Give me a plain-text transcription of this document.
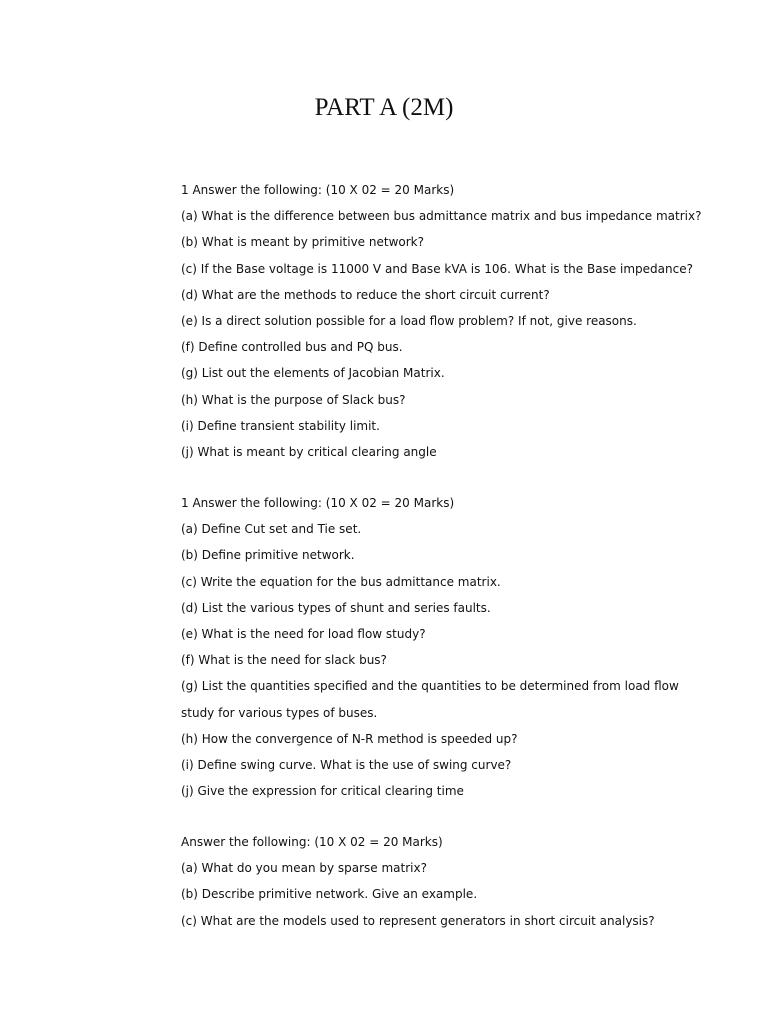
PART A (2M)
1 Answer the following: (10 X 02 = 20 Marks)
(a) What is the difference between bus admittance matrix and bus impedance matrix?
(b) What is meant by primitive network?
(c) If the Base voltage is 11000 V and Base kVA is 106. What is the Base impedance?
(d) What are the methods to reduce the short circuit current?
(e) Is a direct solution possible for a load flow problem? If not, give reasons.
(f) Define controlled bus and PQ bus.
(g) List out the elements of Jacobian Matrix.
(h) What is the purpose of Slack bus?
(i) Define transient stability limit.
(j) What is meant by critical clearing angle
1 Answer the following: (10 X 02 = 20 Marks)
(a) Define Cut set and Tie set.
(b) Define primitive network.
(c) Write the equation for the bus admittance matrix.
(d) List the various types of shunt and series faults.
(e) What is the need for load flow study?
(f) What is the need for slack bus?
(g) List the quantities specified and the quantities to be determined from load flow
study for various types of buses.
(h) How the convergence of N-R method is speeded up?
(i) Define swing curve. What is the use of swing curve?
(j) Give the expression for critical clearing time
Answer the following: (10 X 02 = 20 Marks)
(a) What do you mean by sparse matrix?
(b) Describe primitive network. Give an example.
(c) What are the models used to represent generators in short circuit analysis?
